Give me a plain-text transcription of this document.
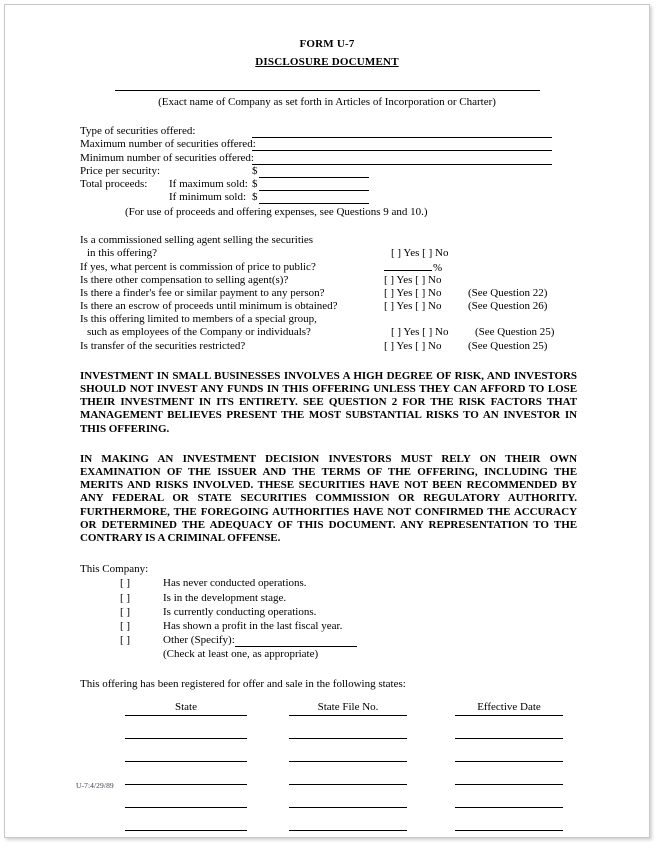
FORM U-7
DISCLOSURE DOCUMENT
(Exact name of Company as set forth in Articles of Incorporation or Charter)
Type of securities offered:
Maximum number of securities offered:
Minimum number of securities offered:
Price per security:	$
Total proceeds:	If maximum sold: $
If minimum sold: $
(For use of proceeds and offering expenses, see Questions 9 and 10.)
Is a commissioned selling agent selling the securities
in this offering?	[ ] Yes [ ] No
If yes, what percent is commission of price to public?	%
Is there other compensation to selling agent(s)?	[ ] Yes [ ] No
Is there a finder's fee or similar payment to any person?	[ ] Yes [ ] No	(See Question 22)
Is there an escrow of proceeds until minimum is obtained?	[ ] Yes [ ] No	(See Question 26)
Is this offering limited to members of a special group,
such as employees of the Company or individuals?	[ ] Yes [ ] No	(See Question 25)
Is transfer of the securities restricted?	[ ] Yes [ ] No	(See Question 25)
INVESTMENT IN SMALL BUSINESSES INVOLVES A HIGH DEGREE OF RISK, AND INVESTORS SHOULD NOT INVEST ANY FUNDS IN THIS OFFERING UNLESS THEY CAN AFFORD TO LOSE THEIR INVESTMENT IN ITS ENTIRETY. SEE QUESTION 2 FOR THE RISK FACTORS THAT MANAGEMENT BELIEVES PRESENT THE MOST SUBSTANTIAL RISKS TO AN INVESTOR IN THIS OFFERING.
IN MAKING AN INVESTMENT DECISION INVESTORS MUST RELY ON THEIR OWN EXAMINATION OF THE ISSUER AND THE TERMS OF THE OFFERING, INCLUDING THE MERITS AND RISKS INVOLVED. THESE SECURITIES HAVE NOT BEEN RECOMMENDED BY ANY FEDERAL OR STATE SECURITIES COMMISSION OR REGULATORY AUTHORITY. FURTHERMORE, THE FOREGOING AUTHORITIES HAVE NOT CONFIRMED THE ACCURACY OR DETERMINED THE ADEQUACY OF THIS DOCUMENT. ANY REPRESENTATION TO THE CONTRARY IS A CRIMINAL OFFENSE.
This Company:
[ ]	Has never conducted operations.
[ ]	Is in the development stage.
[ ]	Is currently conducting operations.
[ ]	Has shown a profit in the last fiscal year.
[ ]	Other (Specify):
(Check at least one, as appropriate)
This offering has been registered for offer and sale in the following states:
State	State File No.	Effective Date
U-7:4/29/89
